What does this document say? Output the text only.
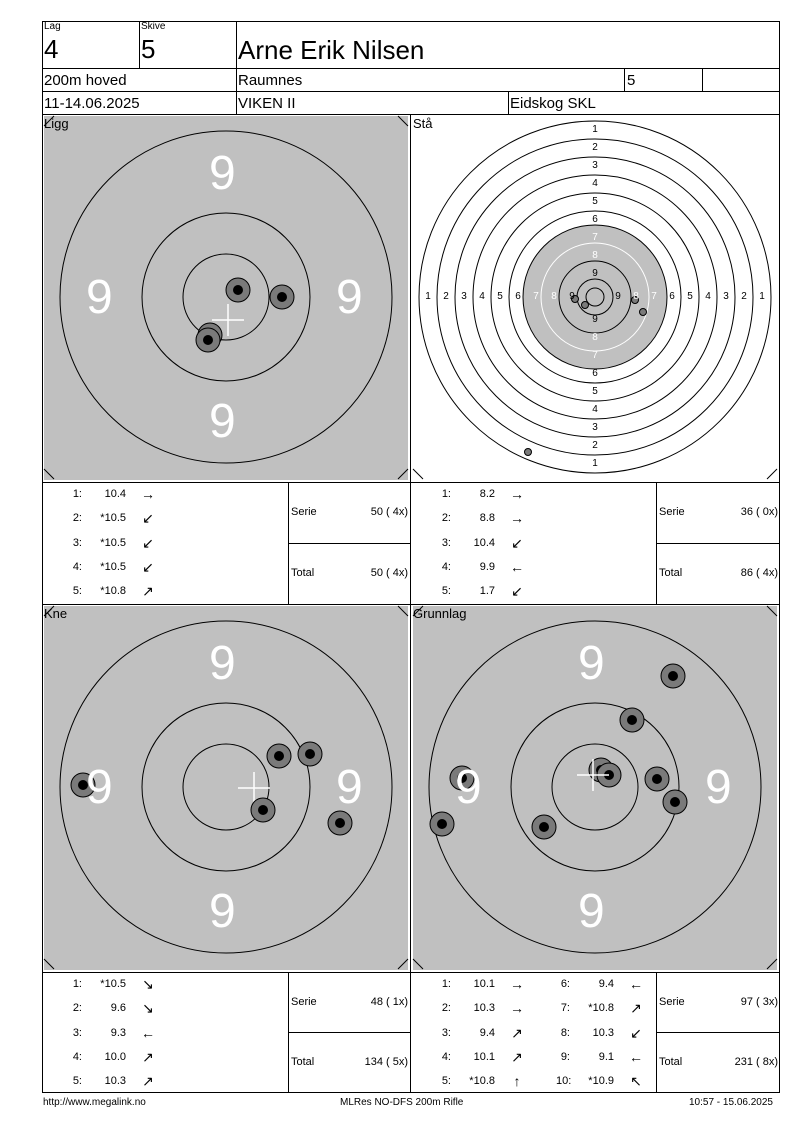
Lag
4
Skive
5	Arne Erik Nilsen
200m hoved	Raumnes	5
11-14.06.2025	VIKEN II	Eidskog SKL
9
9	9
9
Ligg	Stå	1
1
1	1
2
2
2	2
3
3
3	3
4
4
4	4
5
5
5	5
6
6
6	6
7
7
7	7
8
8
8	8
9
9
9	9
9
9	9
9
Kne
9
9	9
9
Grunnlag
1:	10.4	→
2:	*10.5	↙
3:	*10.5	↙
4:	*10.5	↙
5:	*10.8	↗
1:	8.2	→
2:	8.8	→
3:	10.4	↙
4:	9.9	←
5:	1.7	↙
1:	*10.5	↘
2:	9.6	↘
3:	9.3	←
4:	10.0	↗
5:	10.3	↗
1:	10.1	→
2:	10.3	→
3:	9.4	↗
4:	10.1	↗
5:	*10.8	↑
6:	9.4	←
7:	*10.8	↗
8:	10.3	↙
9:	9.1	←
10:	*10.9	↖
Serie	50 ( 4x)
Total	50 ( 4x)
Serie	36 ( 0x)
Total	86 ( 4x)
Serie	48 ( 1x)
Total	134 ( 5x)
Serie	97 ( 3x)
Total	231 ( 8x)
http://www.megalink.no	MLRes NO-DFS 200m Rifle	10:57 - 15.06.2025
